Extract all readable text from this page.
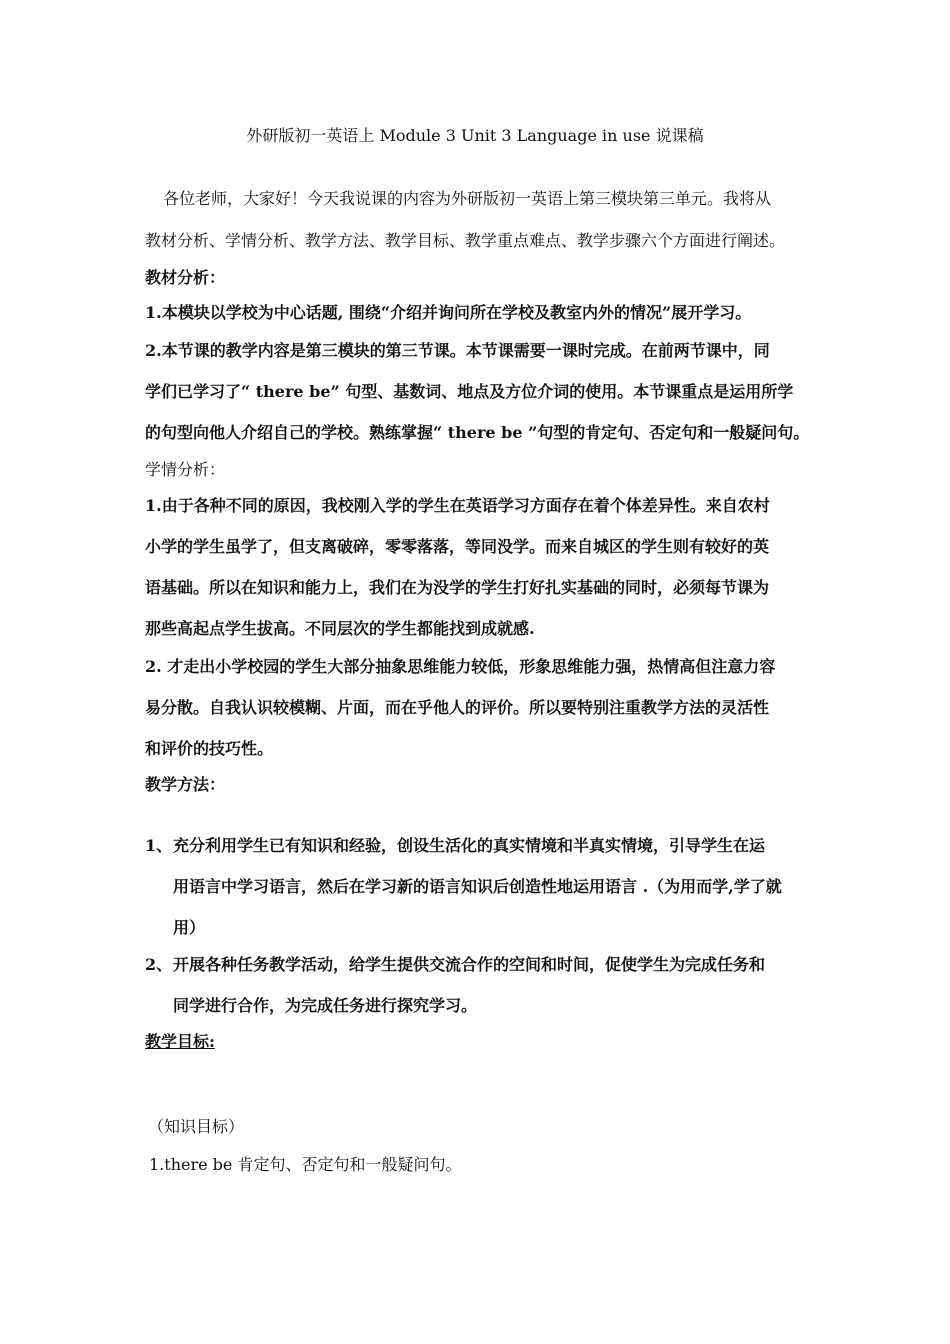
外研版初一英语上 Module 3 Unit 3 Language in use 说课稿
各位老师，大家好！今天我说课的内容为外研版初一英语上第三模块第三单元。我将从
教材分析、学情分析、教学方法、教学目标、教学重点难点、教学步骤六个方面进行阐述。
教材分析：
1.本模块以学校为中心话题, 围绕“介绍并询问所在学校及教室内外的情况”展开学习。
2.本节课的教学内容是第三模块的第三节课。本节课需要一课时完成。在前两节课中，同
学们已学习了“ there be” 句型、基数词、地点及方位介词的使用。本节课重点是运用所学
的句型向他人介绍自己的学校。熟练掌握“ there be ”句型的肯定句、否定句和一般疑问句。
学情分析：
1.由于各种不同的原因，我校刚入学的学生在英语学习方面存在着个体差异性。来自农村
小学的学生虽学了，但支离破碎，零零落落，等同没学。而来自城区的学生则有较好的英
语基础。所以在知识和能力上，我们在为没学的学生打好扎实基础的同时，必须每节课为
那些高起点学生拔高。不同层次的学生都能找到成就感.
2. 才走出小学校园的学生大部分抽象思维能力较低，形象思维能力强，热情高但注意力容
易分散。自我认识较模糊、片面，而在乎他人的评价。所以要特别注重教学方法的灵活性
和评价的技巧性。
教学方法：
1、 充分利用学生已有知识和经验，创设生活化的真实情境和半真实情境，引导学生在运
用语言中学习语言，然后在学习新的语言知识后创造性地运用语言 .（为用而学,学了就
用）
2、 开展各种任务教学活动，给学生提供交流合作的空间和时间，促使学生为完成任务和
同学进行合作，为完成任务进行探究学习。
教学目标:
（知识目标）
1.there be 肯定句、否定句和一般疑问句。
